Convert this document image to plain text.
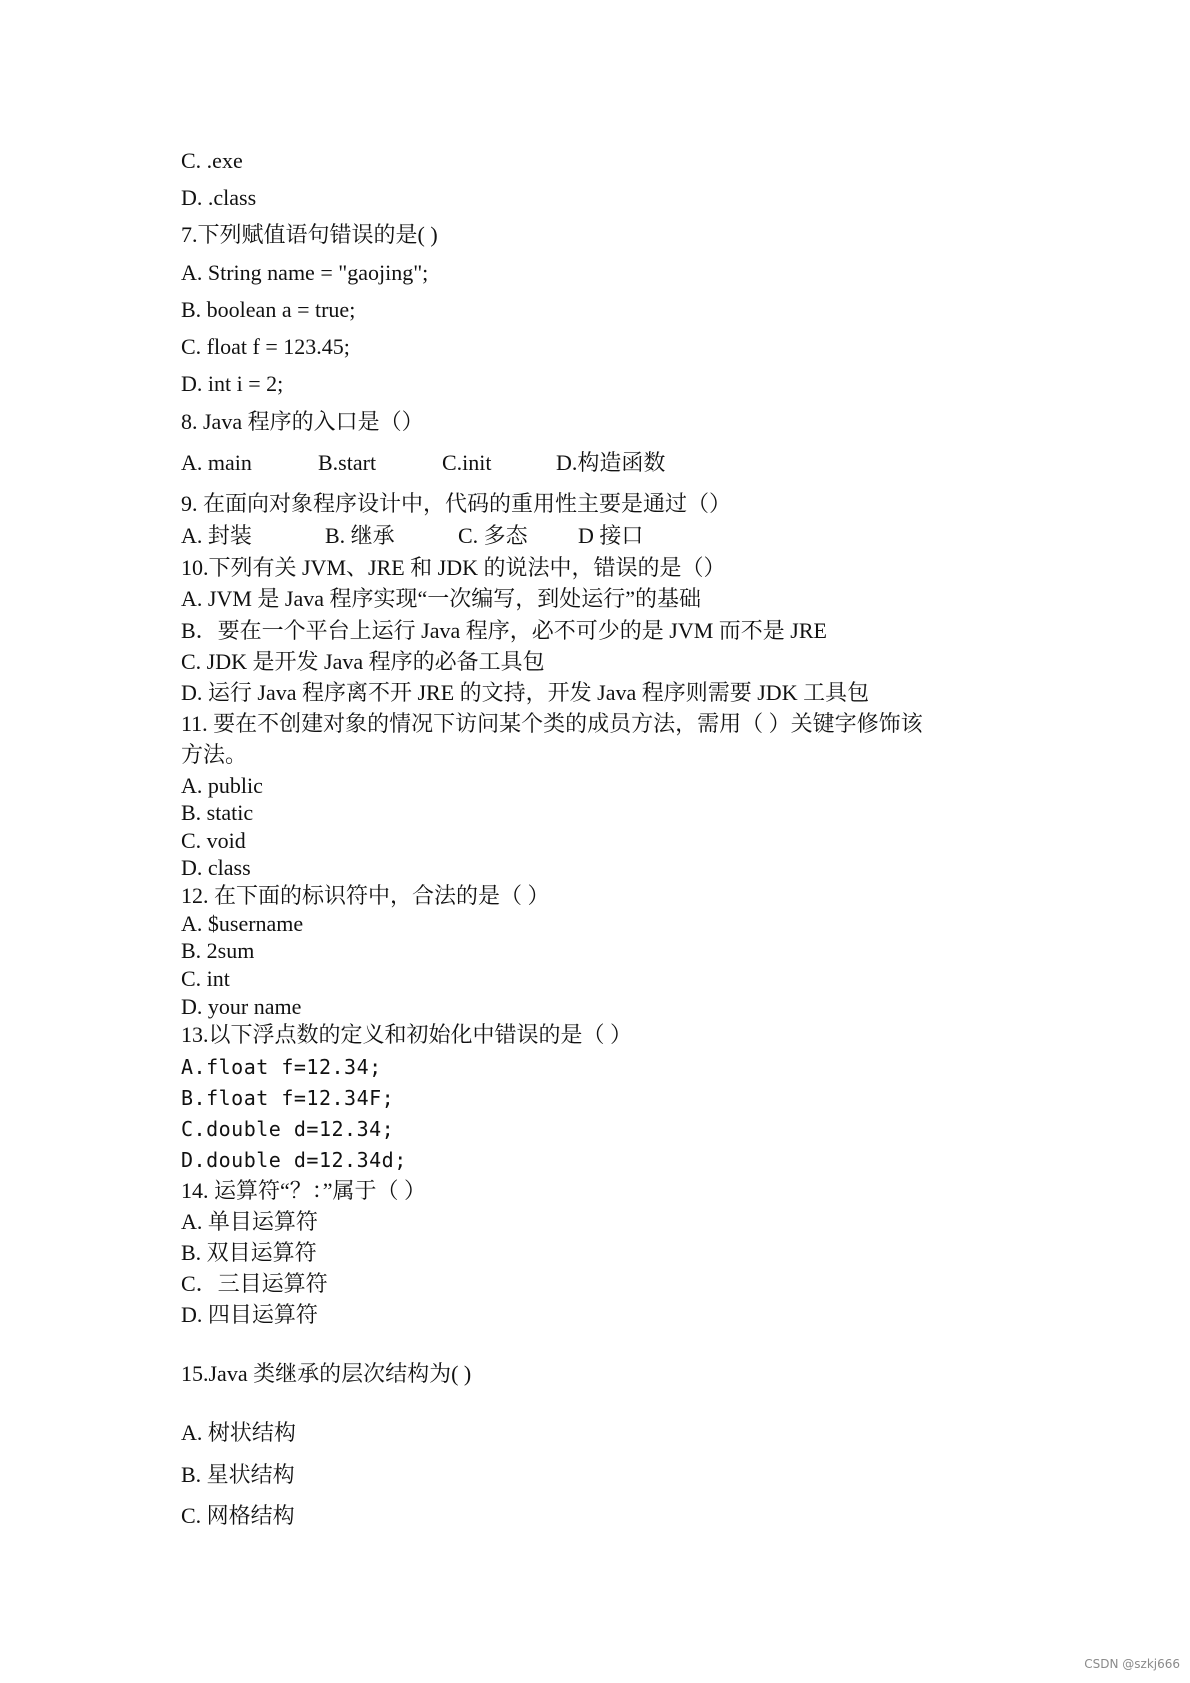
C. .exe
D. .class
7.下列赋值语句错误的是( )
A. String name = "gaojing";
B. boolean a = true;
C. float f = 123.45;
D. int i = 2;
8. Java 程序的入口是（）
A. main	B.start	C.init	D.构造函数
9. 在面向对象程序设计中，代码的重用性主要是通过（）
A. 封装	B. 继承	C. 多态 D 接口
10.下列有关 JVM、JRE 和 JDK 的说法中，错误的是（）
A. JVM 是 Java 程序实现“一次编写，到处运行”的基础
B．要在一个平台上运行 Java 程序，必不可少的是 JVM 而不是 JRE
C. JDK 是开发 Java 程序的必备工具包
D. 运行 Java 程序离不开 JRE 的文持，开发 Java 程序则需要 JDK 工具包
11. 要在不创建对象的情况下访问某个类的成员方法，需用（ ）关键字修饰该
方法。
A. public
B. static
C. void
D. class
12. 在下面的标识符中，合法的是（ ）
A. $username
B. 2sum
C. int
D. your name
13.以下浮点数的定义和初始化中错误的是（ ）
A.float f=12.34;
B.float f=12.34F;
C.double d=12.34;
D.double d=12.34d;
14. 运算符“？：”属于（ ）
A. 单目运算符
B. 双目运算符
C．三目运算符
D. 四目运算符
15.Java 类继承的层次结构为( )
A. 树状结构
B. 星状结构
C. 网格结构
CSDN @szkj666
